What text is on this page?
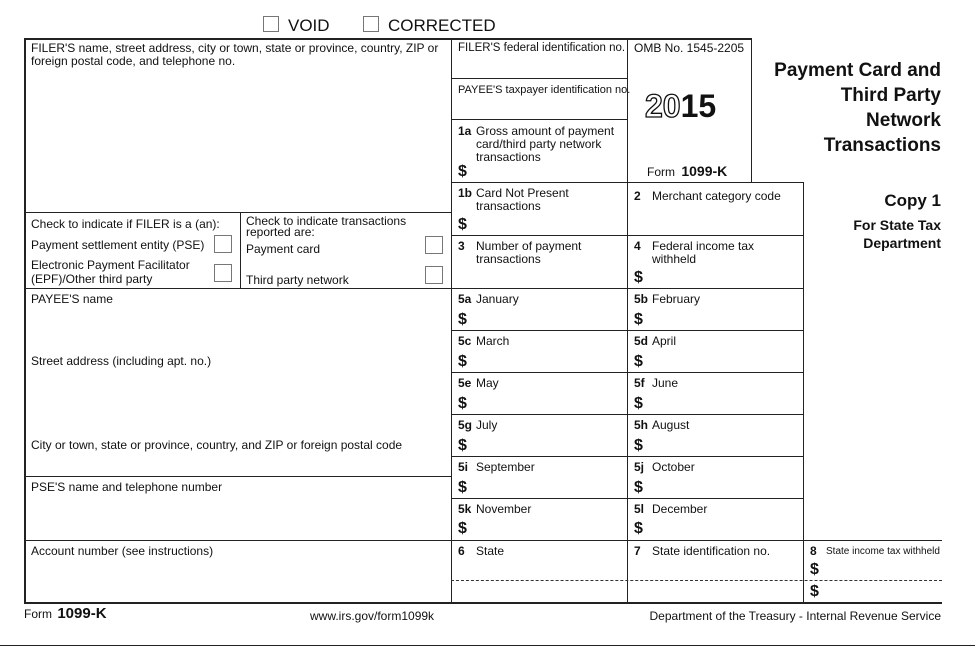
VOID	CORRECTED
FILER'S name, street address, city or town, state or province, country, ZIP or foreign postal code, and telephone no.
FILER'S federal identification no.
PAYEE'S taxpayer identification no.
1a Gross amount of payment card/third party network transactions
$
OMB No. 1545-2205
2015
Form 1099-K
Payment Card and
Third Party
Network
Transactions
Copy 1
For State Tax
Department
Check to indicate if FILER is a (an):
Payment settlement entity (PSE)
Electronic Payment Facilitator
(EPF)/Other third party
Check to indicate transactions reported are:
Payment card
Third party network
1b Card Not Present transactions
$
2 Merchant category code
3 Number of payment transactions
4 Federal income tax withheld
$
5a January
$
5b February
$
5c March
$
5d April
$
5e May
$
5f June
$
5g July
$
5h August
$
5i September
$
5j October
$
5k November
$
5l December
$
PAYEE'S name
Street address (including apt. no.)
City or town, state or province, country, and ZIP or foreign postal code
PSE'S name and telephone number
Account number (see instructions)	6 State	7 State identification no.	8 State income tax withheld
$
$
Form 1099-K	www.irs.gov/form1099k	Department of the Treasury - Internal Revenue Service
